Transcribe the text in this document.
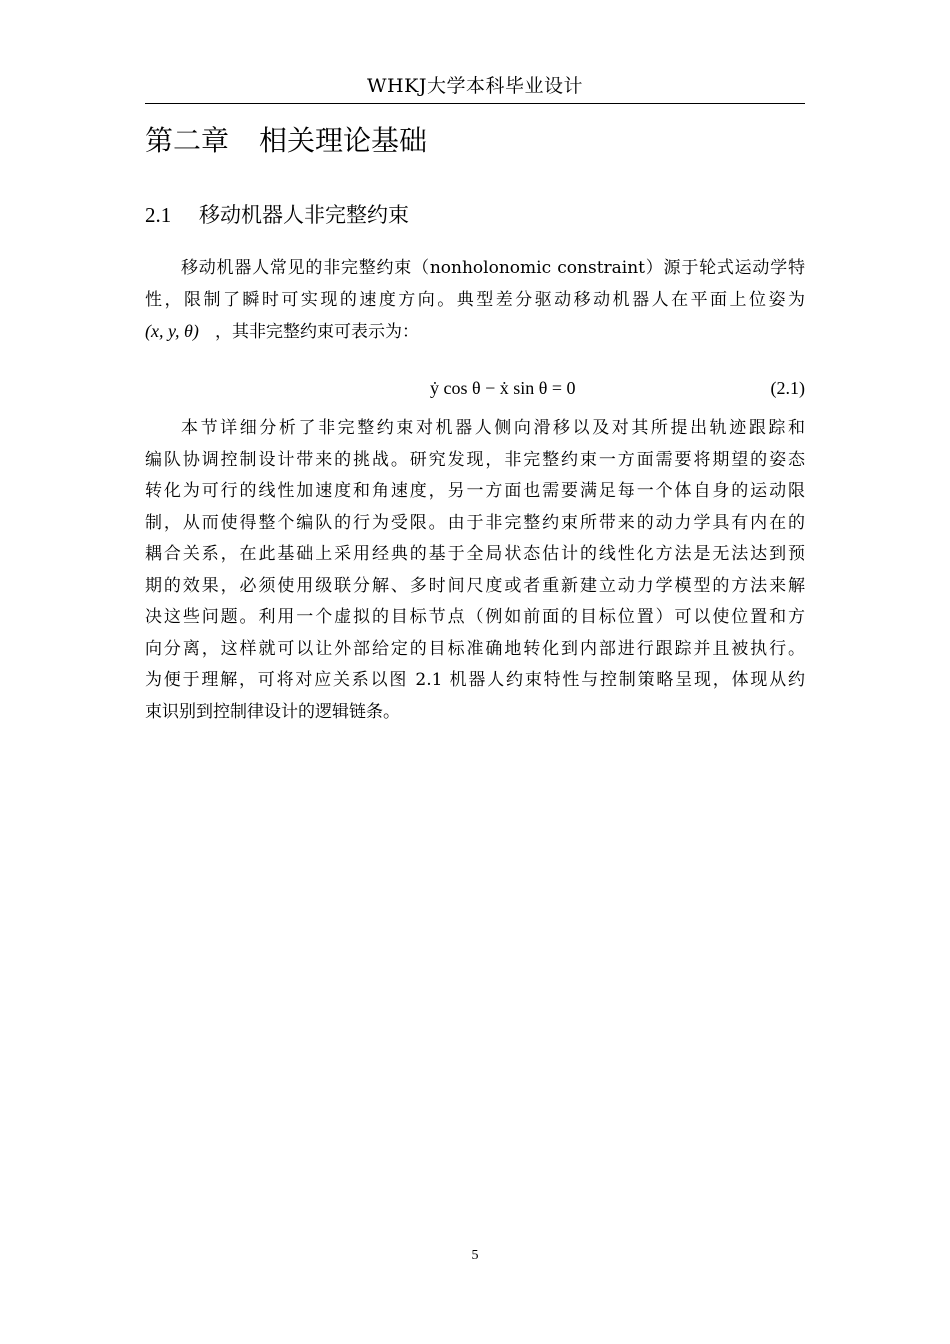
WHKJ大学本科毕业设计
第二章 相关理论基础
2.1 移动机器人非完整约束
移动机器人常见的非完整约束（nonholonomic constraint）源于轮式运动学特
性，限制了瞬时可实现的速度方向。典型差分驱动移动机器人在平面上位姿为
(x, y, θ) ，其非完整约束可表示为：
ẏ cos θ − ẋ sin θ = 0	(2.1)
本节详细分析了非完整约束对机器人侧向滑移以及对其所提出轨迹跟踪和
编队协调控制设计带来的挑战。研究发现，非完整约束一方面需要将期望的姿态
转化为可行的线性加速度和角速度，另一方面也需要满足每一个体自身的运动限
制，从而使得整个编队的行为受限。由于非完整约束所带来的动力学具有内在的
耦合关系，在此基础上采用经典的基于全局状态估计的线性化方法是无法达到预
期的效果，必须使用级联分解、多时间尺度或者重新建立动力学模型的方法来解
决这些问题。利用一个虚拟的目标节点（例如前面的目标位置）可以使位置和方
向分离，这样就可以让外部给定的目标准确地转化到内部进行跟踪并且被执行。
为便于理解，可将对应关系以图 2.1 机器人约束特性与控制策略呈现，体现从约
束识别到控制律设计的逻辑链条。
5
